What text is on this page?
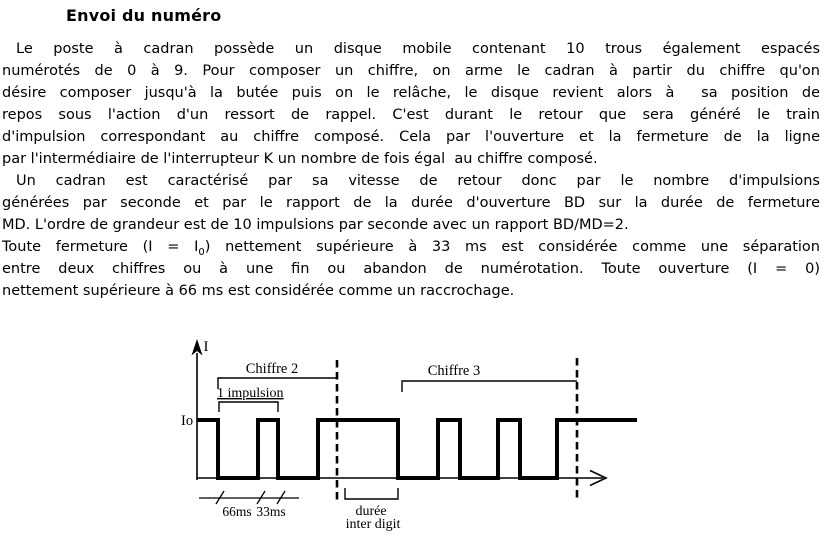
Envoi du numéro
Le poste à cadran possède un disque mobile contenant 10 trous également espacés
numérotés de 0 à 9. Pour composer un chiffre, on arme le cadran à partir du chiffre qu'on
désire composer jusqu'à la butée puis on le relâche, le disque revient alors à  sa position de
repos sous l'action d'un ressort de rappel. C'est durant le retour que sera généré le train
d'impulsion correspondant au chiffre composé. Cela par l'ouverture et la fermeture de la ligne
par l'intermédiaire de l'interrupteur K un nombre de fois égal  au chiffre composé.
Un cadran est caractérisé par sa vitesse de retour donc par le nombre d'impulsions
générées par seconde et par le rapport de la durée d'ouverture BD sur la durée de fermeture
MD. L'ordre de grandeur est de 10 impulsions par seconde avec un rapport BD/MD=2.
Toute fermeture $(I = I_0)$ nettement supérieure à 33 ms est considérée comme une séparation
entre deux chiffres ou à une fin ou abandon de numérotation. Toute ouverture (I = 0)
nettement supérieure à 66 ms est considérée comme un raccrochage.
I
Io
Chiffre 2	Chiffre 3
1 impulsion
66ms 33ms	durée
inter digit
